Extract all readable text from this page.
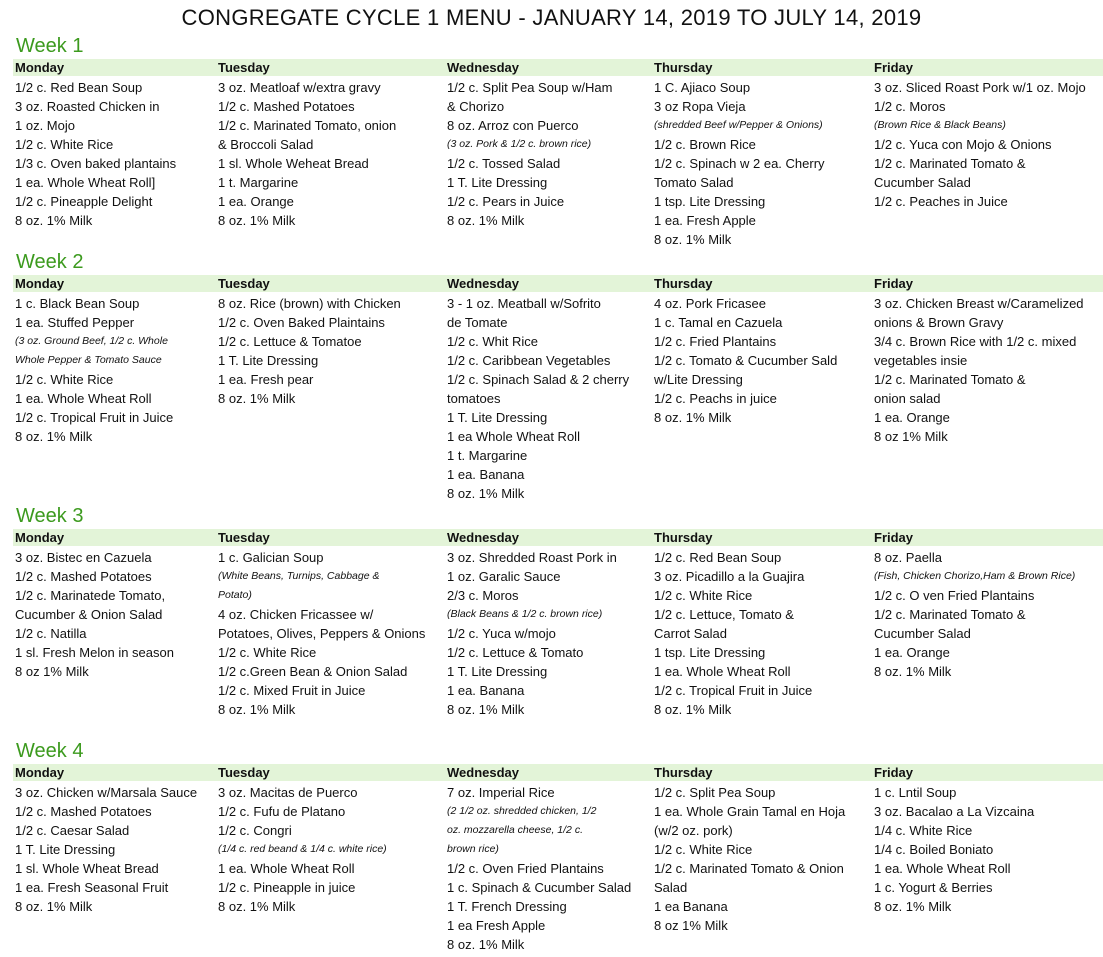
CONGREGATE CYCLE 1 MENU - JANUARY 14, 2019 TO JULY 14, 2019
Week 1
Monday
1/2 c. Red Bean Soup
3 oz. Roasted Chicken in
1 oz. Mojo
1/2 c. White Rice
1/3 c. Oven baked plantains
1 ea. Whole Wheat Roll]
1/2 c. Pineapple Delight
8 oz. 1% Milk
Tuesday
3 oz. Meatloaf w/extra gravy
1/2 c. Mashed Potatoes
1/2 c. Marinated Tomato, onion
& Broccoli Salad
1 sl. Whole Weheat Bread
1 t. Margarine
1 ea. Orange
8 oz. 1% Milk
Wednesday
1/2 c. Split Pea Soup w/Ham
& Chorizo
8 oz. Arroz con Puerco
(3 oz. Pork & 1/2 c. brown rice)
1/2 c. Tossed Salad
1 T. Lite Dressing
1/2 c. Pears in Juice
8 oz. 1% Milk
Thursday
1 C. Ajiaco Soup
3 oz Ropa Vieja
(shredded Beef w/Pepper & Onions)
1/2 c. Brown Rice
1/2 c. Spinach w 2 ea. Cherry
Tomato Salad
1 tsp. Lite Dressing
1 ea. Fresh Apple
8 oz. 1% Milk
Friday
3 oz. Sliced Roast Pork w/1 oz. Mojo
1/2 c. Moros
(Brown Rice & Black Beans)
1/2 c. Yuca con Mojo & Onions
1/2 c. Marinated Tomato &
Cucumber Salad
1/2 c. Peaches in Juice
Week 2
Monday
1 c. Black Bean Soup
1 ea. Stuffed Pepper
(3 oz. Ground Beef, 1/2 c. Whole
Whole Pepper & Tomato Sauce
1/2 c. White Rice
1 ea. Whole Wheat Roll
1/2 c. Tropical Fruit in Juice
8 oz. 1% Milk
Tuesday
8 oz. Rice (brown) with Chicken
1/2 c. Oven Baked Plaintains
1/2 c. Lettuce & Tomatoe
1 T. Lite Dressing
1 ea. Fresh pear
8 oz. 1% Milk
Wednesday
3 - 1 oz. Meatball w/Sofrito
de Tomate
1/2 c. Whit Rice
1/2 c. Caribbean Vegetables
1/2 c. Spinach Salad & 2 cherry
tomatoes
1 T. Lite Dressing
1 ea Whole Wheat Roll
1 t. Margarine
1 ea. Banana
8 oz. 1% Milk
Thursday
4 oz. Pork Fricasee
1 c. Tamal en Cazuela
1/2 c. Fried Plantains
1/2 c. Tomato & Cucumber Sald
w/Lite Dressing
1/2 c. Peachs in juice
8 oz. 1% Milk
Friday
3 oz. Chicken Breast w/Caramelized
onions & Brown Gravy
3/4 c. Brown Rice with 1/2 c. mixed
vegetables insie
1/2 c. Marinated Tomato &
onion salad
1 ea. Orange
8 oz 1% Milk
Week 3
Monday
3 oz. Bistec en Cazuela
1/2 c. Mashed Potatoes
1/2 c. Marinatede Tomato,
Cucumber & Onion Salad
1/2 c. Natilla
1 sl. Fresh Melon in season
8 oz 1% Milk
Tuesday
1 c. Galician Soup
(White Beans, Turnips, Cabbage &
Potato)
4 oz. Chicken Fricassee w/
Potatoes, Olives, Peppers & Onions
1/2 c. White Rice
1/2 c.Green Bean & Onion Salad
1/2 c. Mixed Fruit in Juice
8 oz. 1% Milk
Wednesday
3 oz. Shredded Roast Pork in
1 oz. Garalic Sauce
2/3 c. Moros
(Black Beans & 1/2 c. brown rice)
1/2 c. Yuca w/mojo
1/2 c. Lettuce & Tomato
1 T. Lite Dressing
1 ea. Banana
8 oz. 1% Milk
Thursday
1/2 c. Red Bean Soup
3 oz. Picadillo a la Guajira
1/2 c. White Rice
1/2 c. Lettuce, Tomato &
Carrot Salad
1 tsp. Lite Dressing
1 ea. Whole Wheat Roll
1/2 c. Tropical Fruit in Juice
8 oz. 1% Milk
Friday
8 oz. Paella
(Fish, Chicken Chorizo,Ham & Brown Rice)
1/2 c. O ven Fried Plantains
1/2 c. Marinated Tomato &
Cucumber Salad
1 ea. Orange
8 oz. 1% Milk
Week 4
Monday
3 oz. Chicken w/Marsala Sauce
1/2 c. Mashed Potatoes
1/2 c. Caesar Salad
1 T. Lite Dressing
1 sl. Whole Wheat Bread
1 ea. Fresh Seasonal Fruit
8 oz. 1% Milk
Tuesday
3 oz. Macitas de Puerco
1/2 c. Fufu de Platano
1/2 c. Congri
(1/4 c. red beand & 1/4 c. white rice)
1 ea. Whole Wheat Roll
1/2 c. Pineapple in juice
8 oz. 1% Milk
Wednesday
7 oz. Imperial Rice
(2 1/2 oz. shredded chicken, 1/2
oz. mozzarella cheese, 1/2 c.
brown rice)
1/2 c. Oven Fried Plantains
1 c. Spinach & Cucumber Salad
1 T. French Dressing
1 ea Fresh Apple
8 oz. 1% Milk
Thursday
1/2 c. Split Pea Soup
1 ea. Whole Grain Tamal en Hoja
(w/2 oz. pork)
1/2 c. White Rice
1/2 c. Marinated Tomato & Onion
Salad
1 ea Banana
8 oz 1% Milk
Friday
1 c. Lntil Soup
3 oz. Bacalao a La Vizcaina
1/4 c. White Rice
1/4 c. Boiled Boniato
1 ea. Whole Wheat Roll
1 c. Yogurt & Berries
8 oz. 1% Milk
